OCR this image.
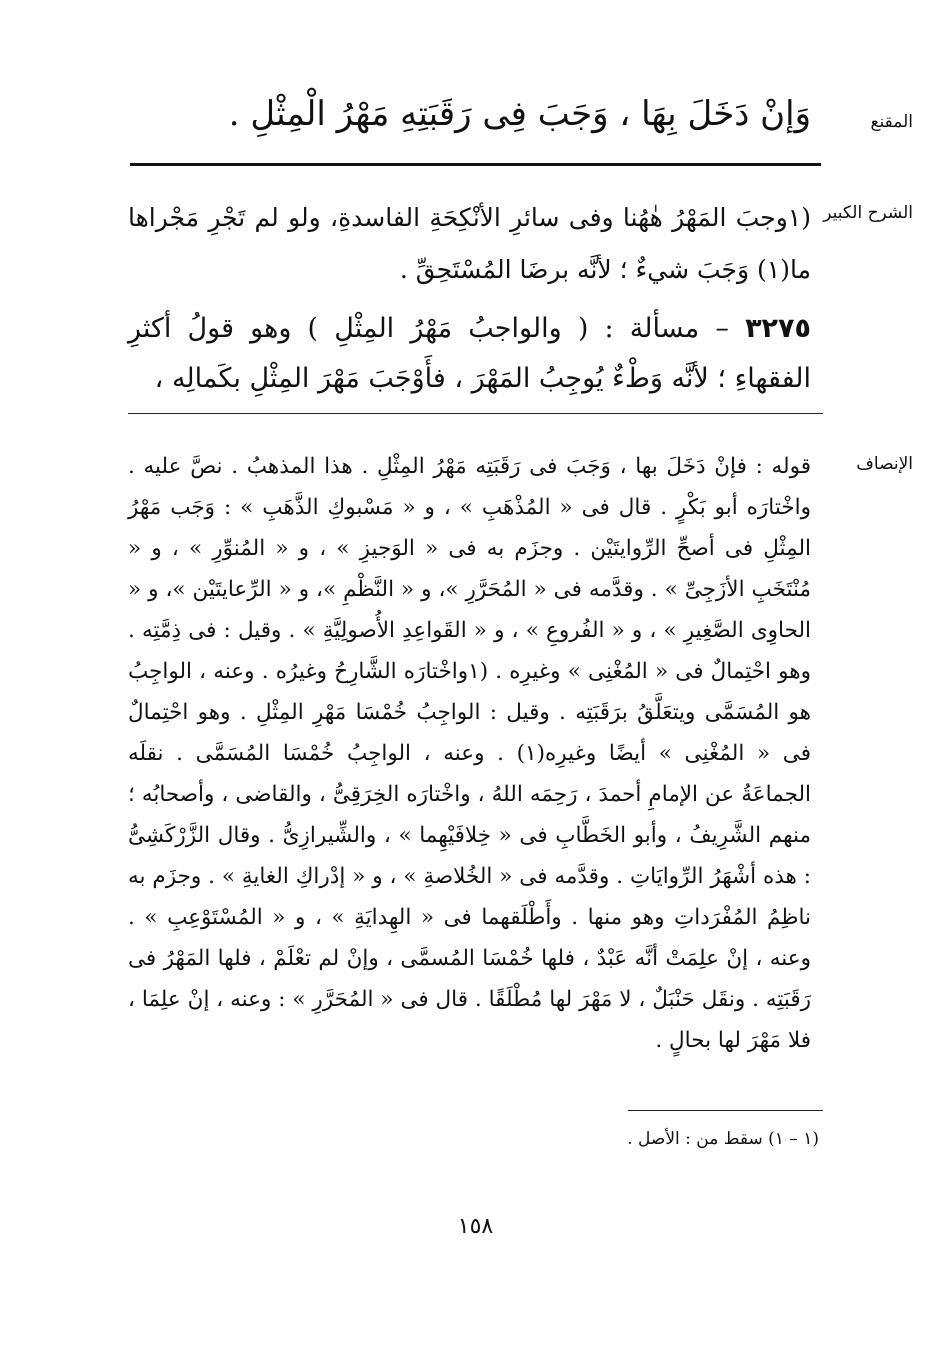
المقنع
وَإنْ دَخَلَ بِهَا ، وَجَبَ فِى رَقَبَتِهِ مَهْرُ الْمِثْلِ .
الشرح الكبير

(١وجبَ المَهْرُ هٰهُنا وفى سائرِ الأنْكِحَةِ الفاسدةِ، ولو لم تَجْرِ مَجْراها ما(١) وَجَبَ شيءٌ ؛ لأنَّه برضَا المُسْتَحِقِّ .

٣٢٧٥ – مسألة : ( والواجبُ مَهْرُ المِثْلِ ) وهو قولُ أكثرِ الفقهاءِ ؛ لأنَّه وَطْءٌ يُوجِبُ المَهْرَ ، فأَوْجَبَ مَهْرَ المِثْلِ بكَمالِه ،

الإنصاف

قوله : فإنْ دَخَلَ بها ، وَجَبَ فى رَقَبَتِه مَهْرُ المِثْلِ . هذا المذهبُ . نصَّ عليه . واخْتارَه أبو بَكْرٍ . قال فى « المُذْهَبِ » ، و « مَسْبوكِ الذَّهَبِ » : وَجَب مَهْرُ المِثْلِ فى أصحِّ الرِّوايتَيْن . وجزَم به فى « الوَجيزِ » ، و « المُنوِّرِ » ، و « مُنْتَخَبِ الأزَجِىِّ » . وقدَّمه فى « المُحَرَّرِ »، و « النَّظْمِ »، و « الرِّعايتَيْن »، و « الحاوِى الصَّغِيرِ » ، و « الفُروعِ » ، و « القَواعِدِ الأُصولِيَّةِ » . وقيل : فى ذِمَّتِه . وهو احْتِمالٌ فى « المُغْنِى » وغيرِه . (١واخْتارَه الشَّارِحُ وغيرُه . وعنه ، الواجِبُ هو المُسَمَّى ويتعَلَّقُ برَقَبَتِه . وقيل : الواجِبُ خُمْسَا مَهْرِ المِثْلِ . وهو احْتِمالٌ فى « المُغْنِى » أيضًا وغيرِه(١) . وعنه ، الواجِبُ خُمْسَا المُسَمَّى . نقلَه الجماعَةُ عن الإمامِ أحمدَ ، رَحِمَه اللهُ ، واخْتارَه الخِرَقِىُّ ، والقاضى ، وأصحابُه ؛ منهم الشَّرِيفُ ، وأبو الخَطَّابِ فى « خِلافَيْهِما » ، والشِّيرازِىُّ . وقال الزَّرْكَشِىُّ : هذه أشْهَرُ الرِّوايَاتِ . وقدَّمه فى « الخُلاصةِ » ، و « إدْراكِ الغايةِ » . وجزَم به ناظِمُ المُفْرَداتِ وهو منها . وأَطْلَقهما فى « الهِدايَةِ » ، و « المُسْتَوْعِبِ » . وعنه ، إنْ علِمَتْ أنَّه عَبْدٌ ، فلها خُمْسَا المُسمَّى ، وإنْ لم تعْلَمْ ، فلها المَهْرُ فى رَقَبَتِه . ونقَل حَنْبَلٌ ، لا مَهْرَ لها مُطْلَقًا . قال فى « المُحَرَّرِ » : وعنه ، إنْ علِمَا ، فلا مَهْرَ لها بحالٍ .

(١ – ١) سقط من : الأصل .
١٥٨
